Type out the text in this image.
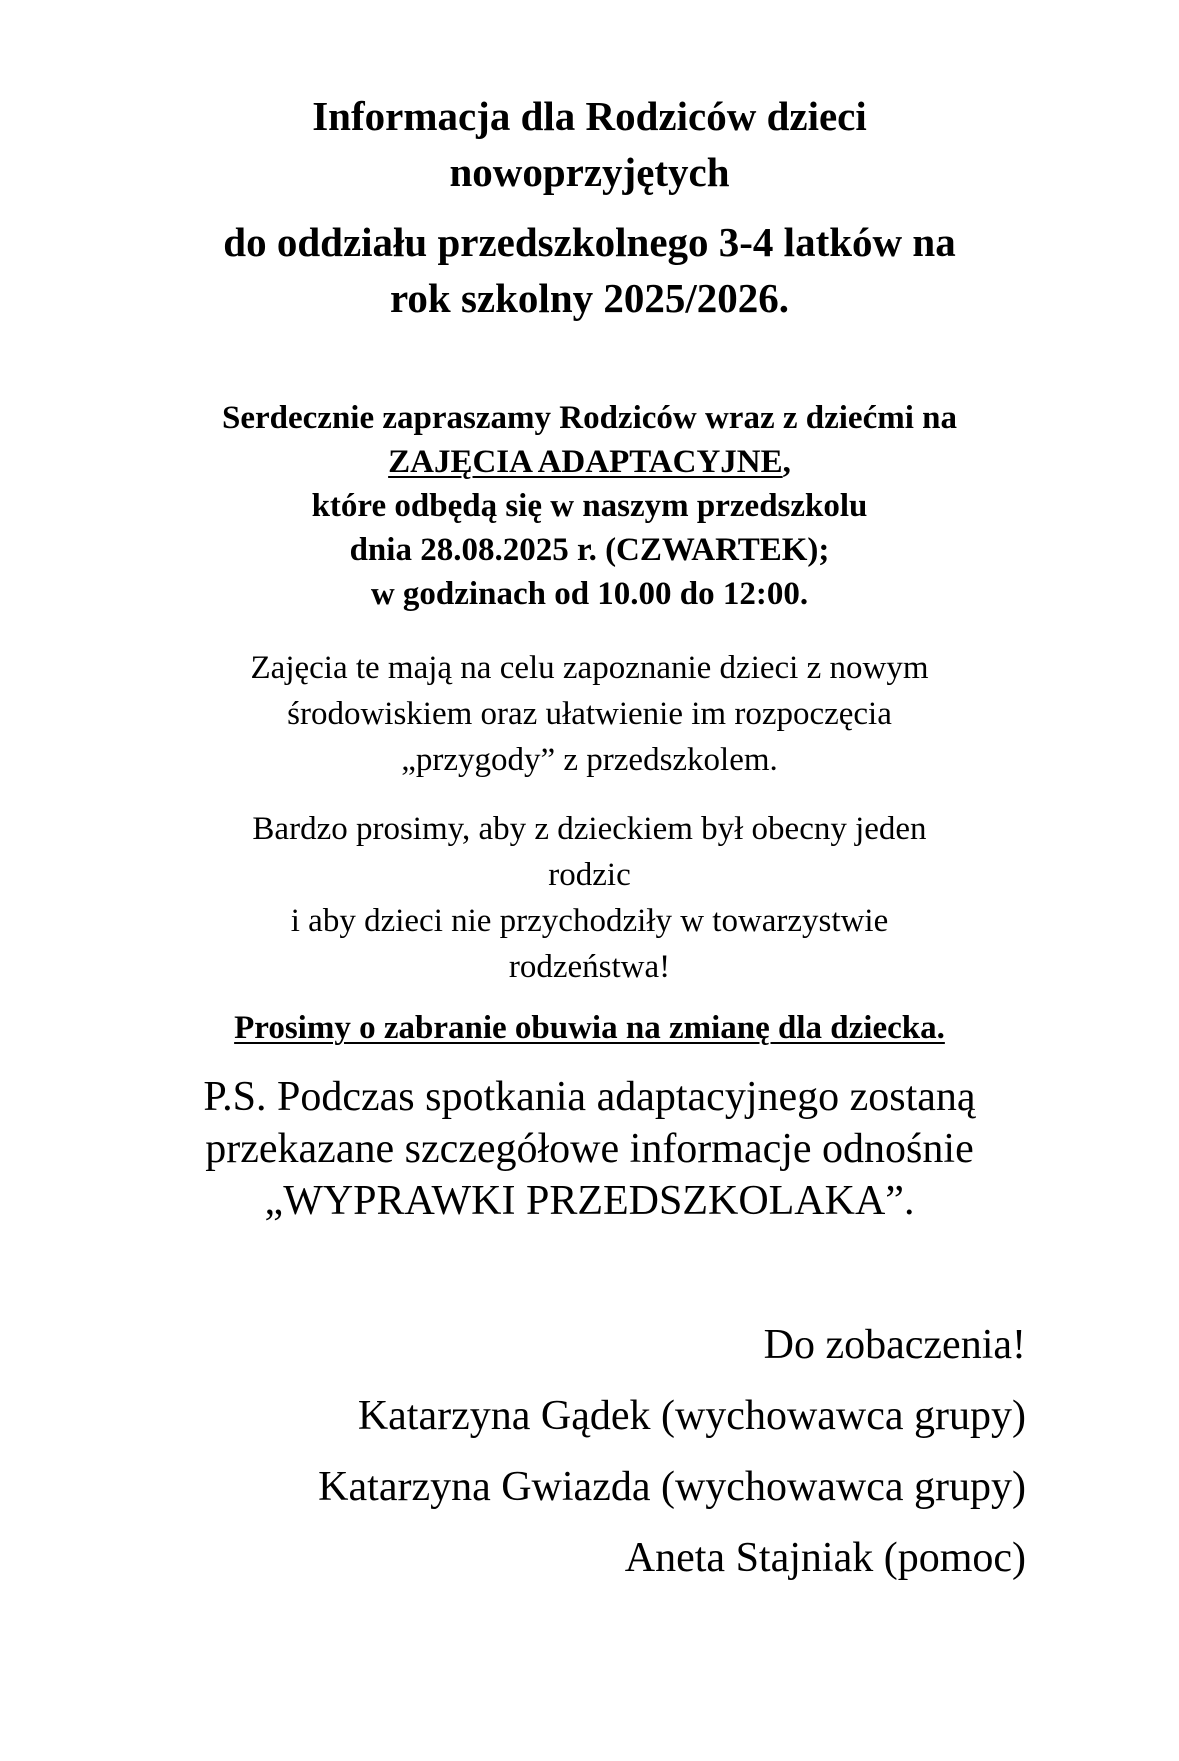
Informacja dla Rodziców dzieci
nowoprzyjętych
do oddziału przedszkolnego 3-4 latków na
rok szkolny 2025/2026.
Serdecznie zapraszamy Rodziców wraz z dziećmi na
ZAJĘCIA ADAPTACYJNE,
które odbędą się w naszym przedszkolu
dnia 28.08.2025 r. (CZWARTEK);
w godzinach od 10.00 do 12:00.
Zajęcia te mają na celu zapoznanie dzieci z nowym
środowiskiem oraz ułatwienie im rozpoczęcia
„przygody” z przedszkolem.
Bardzo prosimy, aby z dzieckiem był obecny jeden
rodzic
i aby dzieci nie przychodziły w towarzystwie
rodzeństwa!
Prosimy o zabranie obuwia na zmianę dla dziecka.
P.S. Podczas spotkania adaptacyjnego zostaną
przekazane szczegółowe informacje odnośnie
„WYPRAWKI PRZEDSZKOLAKA”.
Do zobaczenia!
Katarzyna Gądek (wychowawca grupy)
Katarzyna Gwiazda (wychowawca grupy)
Aneta Stajniak (pomoc)
